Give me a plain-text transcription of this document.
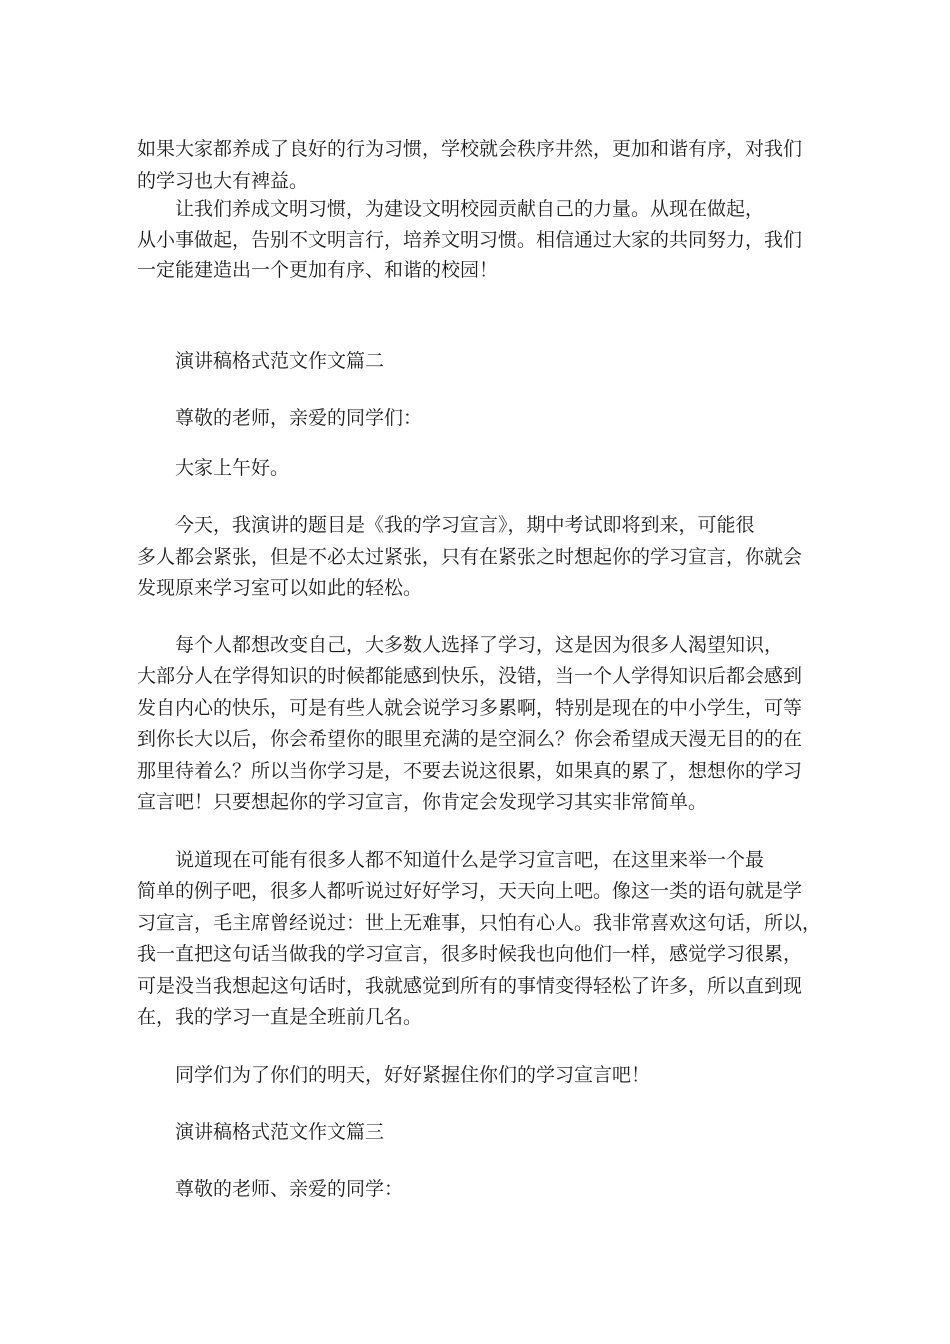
如果大家都养成了良好的行为习惯，学校就会秩序井然，更加和谐有序，对我们
的学习也大有裨益。
让我们养成文明习惯，为建设文明校园贡献自己的力量。从现在做起，
从小事做起，告别不文明言行，培养文明习惯。相信通过大家的共同努力，我们
一定能建造出一个更加有序、和谐的校园！
演讲稿格式范文作文篇二
尊敬的老师，亲爱的同学们：
大家上午好。
今天，我演讲的题目是《我的学习宣言》，期中考试即将到来，可能很
多人都会紧张，但是不必太过紧张，只有在紧张之时想起你的学习宣言，你就会
发现原来学习室可以如此的轻松。
每个人都想改变自己，大多数人选择了学习，这是因为很多人渴望知识，
大部分人在学得知识的时候都能感到快乐，没错，当一个人学得知识后都会感到
发自内心的快乐，可是有些人就会说学习多累啊，特别是现在的中小学生，可等
到你长大以后，你会希望你的眼里充满的是空洞么？你会希望成天漫无目的的在
那里待着么？所以当你学习是，不要去说这很累，如果真的累了，想想你的学习
宣言吧！只要想起你的学习宣言，你肯定会发现学习其实非常简单。
说道现在可能有很多人都不知道什么是学习宣言吧，在这里来举一个最
简单的例子吧，很多人都听说过好好学习，天天向上吧。像这一类的语句就是学
习宣言，毛主席曾经说过：世上无难事，只怕有心人。我非常喜欢这句话，所以，
我一直把这句话当做我的学习宣言，很多时候我也向他们一样，感觉学习很累，
可是没当我想起这句话时，我就感觉到所有的事情变得轻松了许多，所以直到现
在，我的学习一直是全班前几名。
同学们为了你们的明天，好好紧握住你们的学习宣言吧！
演讲稿格式范文作文篇三
尊敬的老师、亲爱的同学：
